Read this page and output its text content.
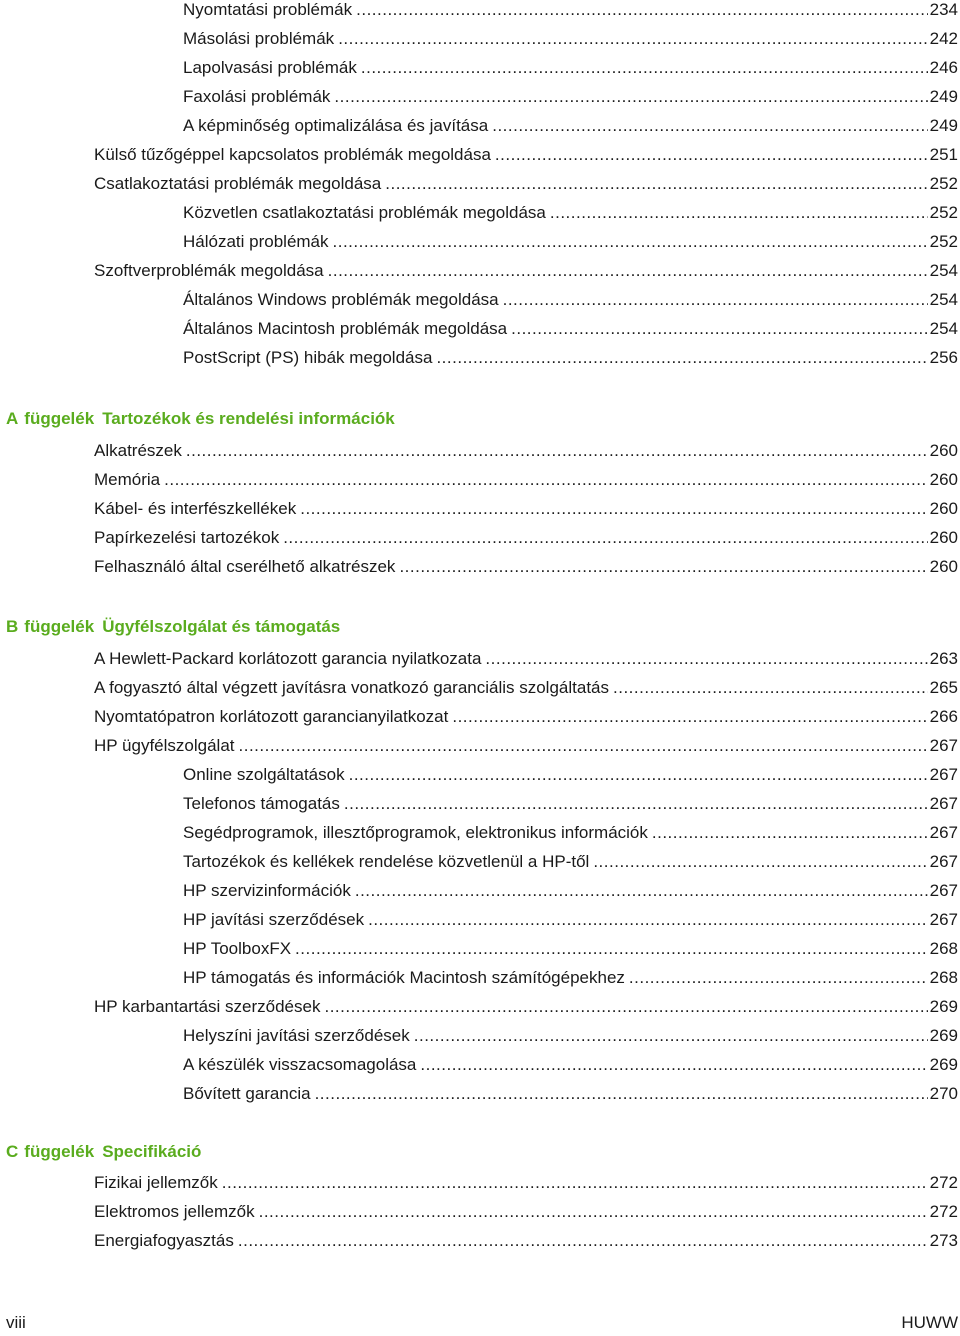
Nyomtatási problémák .....	234
Másolási problémák .....	242
Lapolvasási problémák .....	246
Faxolási problémák .....	249
A képminőség optimalizálása és javítása .....	249
Külső tűzőgéppel kapcsolatos problémák megoldása .....	251
Csatlakoztatási problémák megoldása .....	252
Közvetlen csatlakoztatási problémák megoldása .....	252
Hálózati problémák .....	252
Szoftverproblémák megoldása .....	254
Általános Windows problémák megoldása .....	254
Általános Macintosh problémák megoldása .....	254
PostScript (PS) hibák megoldása .....	256
A függelék Tartozékok és rendelési információk
Alkatrészek .....	260
Memória .....	260
Kábel- és interfészkellékek .....	260
Papírkezelési tartozékok .....	260
Felhasználó által cserélhető alkatrészek .....	260
B függelék Ügyfélszolgálat és támogatás
A Hewlett-Packard korlátozott garancia nyilatkozata .....	263
A fogyasztó által végzett javításra vonatkozó garanciális szolgáltatás .....	265
Nyomtatópatron korlátozott garancianyilatkozat .....	266
HP ügyfélszolgálat .....	267
Online szolgáltatások .....	267
Telefonos támogatás .....	267
Segédprogramok, illesztőprogramok, elektronikus információk .....	267
Tartozékok és kellékek rendelése közvetlenül a HP-től .....	267
HP szervizinformációk .....	267
HP javítási szerződések .....	267
HP ToolboxFX .....	268
HP támogatás és információk Macintosh számítógépekhez .....	268
HP karbantartási szerződések .....	269
Helyszíni javítási szerződések .....	269
A készülék visszacsomagolása .....	269
Bővített garancia .....	270
C függelék Specifikáció
Fizikai jellemzők .....	272
Elektromos jellemzők .....	272
Energiafogyasztás .....	273
viii	HUWW
